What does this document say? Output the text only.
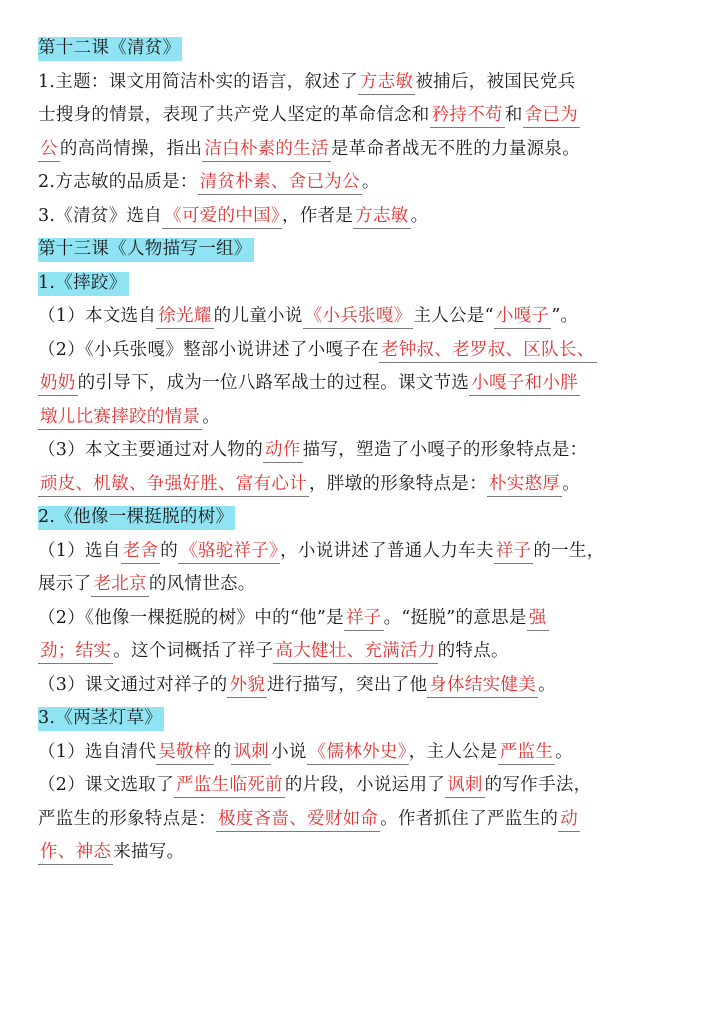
第十二课《清贫》
1.主题：课文用简洁朴实的语言，叙述了 方志敏 被捕后，被国民党兵
士搜身的情景，表现了共产党人坚定的革命信念和 矜持不苟 和 舍已为
公 的高尚情操，指出 洁白朴素的生活 是革命者战无不胜的力量源泉。
2.方志敏的品质是： 清贫朴素、舍已为公 。
3.《清贫》选自 《可爱的中国》 ，作者是 方志敏 。
第十三课《人物描写一组》
1.《摔跤》
（1）本文选自 徐光耀 的儿童小说 《小兵张嘎》 主人公是“ 小嘎子 ”。
（2）《小兵张嘎》整部小说讲述了小嘎子在 老钟叔、老罗叔、区队长、
奶奶 的引导下，成为一位八路军战士的过程。课文节选 小嘎子和小胖
墩儿比赛摔跤的情景 。
（3）本文主要通过对人物的 动作 描写，塑造了小嘎子的形象特点是：
顽皮、机敏、争强好胜、富有心计 ，胖墩的形象特点是： 朴实憨厚 。
2.《他像一棵挺脱的树》
（1）选自 老舍 的 《骆驼祥子》 ，小说讲述了普通人力车夫 祥子 的一生，
展示了 老北京 的风情世态。
（2）《他像一棵挺脱的树》中的“他”是 祥子 。“挺脱”的意思是 强
劲；结实 。这个词概括了祥子 高大健壮、充满活力 的特点。
（3）课文通过对祥子的 外貌 进行描写，突出了他 身体结实健美 。
3.《两茎灯草》
（1）选自清代 吴敬梓 的 讽刺 小说 《儒林外史》 ，主人公是 严监生 。
（2）课文选取了 严监生临死前 的片段，小说运用了 讽刺 的写作手法，
严监生的形象特点是： 极度吝啬、爱财如命 。作者抓住了严监生的 动
作、神态 来描写。
